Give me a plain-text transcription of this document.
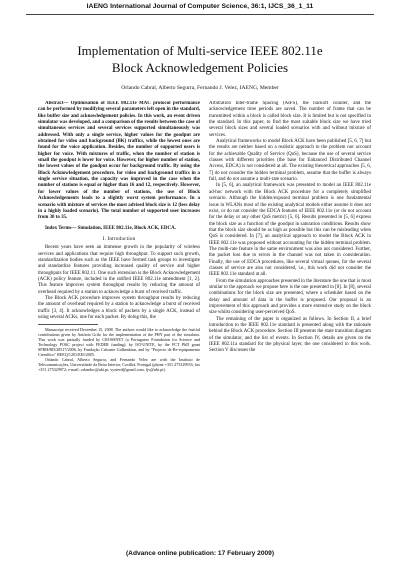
IAENG International Journal of Computer Science, 36:1, IJCS_36_1_11
Implementation of Multi-service IEEE 802.11e
Block Acknowledgement Policies
Orlando Cabral, Alberto Segurra, Fernando J. Velez, IAENG, Member

Abstract— Optimisation of IEEE 802.11e MAC protocol performance can be performed by modifying several parameters left open in the standard, like buffer size and acknowledgement policies. In this work, an event driven simulator was developed, and a comparison of the results between the case of simultaneous services and several services supported simultaneously was addressed. With only a single service, higher values for the goodput are obtained for video and background (BK) traffics, while the lowest ones are found for the voice application. Besides, the number of supported users is higher for voice. With mixtures of traffic, when the number of station is small the goodput is lower for voice. However, for higher number of station, the lowest values of the goodput occur for background traffic. By using the Block Acknowledgement procedure, for video and background traffics in a single service situation, the capacity was improved in the case when the number of stations is equal or higher than 16 and 12, respectively. However, for lower values of the number of stations, the use of Block Acknowledgements leads to a slightly worst system performance. In a scenario with mixture of services the most advised block size is 12 (less delay in a highly loaded scenario). The total number of supported user increases from 30 to 35.

Index Terms— Simulation, IEEE 802.11e, Block ACK, EDCA.

I. Introduction

Recent years have seen an immense growth in the popularity of wireless services and applications that require high throughput. To support such growth, standardization bodies such as the IEEE have formed task groups to investigate and standardize features providing increased quality of service and higher throughputs for IEEE 802.11. One such extension is the Block Acknowledgement (ACK) policy feature, included in the ratified IEEE 802.11e amendment [1, 2]. This feature improves system throughput results by reducing the amount of overhead required by a station to acknowledge a burst of received traffic.

The Block ACK procedure improves system throughput results by reducing the amount of overhead required by a station to acknowledge a burst of received traffic [3, 4]. It acknowledges a block of packets by a single ACK, instead of using several ACKs, one for each packet. By doing this, the

Manuscript received December 15, 2008. The authors would like to acknowledge the fruitful contributions given by António Grilo for the implementation of the PHY part of the simulator. This work was partially funded by CROSSNET (a Portuguese Foundation for Science and Technology POSC project with FEDER funding), by IST-UNITE, by the FCT PhD grant SFRH/BD/28517/2006, by Fundação Calouste Gulbenkian, and by "Projecto de Re-equipamento Científico" REEQ/1201/EEI/2005.

Orlando Cabral, Alberto Segurra, and Fernando Velez are with the Instituto de Telecomunicações, Universidade da Beira Interior, Covilhã, Portugal (phone +351 275329933; fax +351 275329972; e-mail: orlandoc@ubi.pt, vyzierd@gmail.com, fjv@ubi.pt).

Arbitration Inter-frame Spacing (AIFS), the backoff counter, and the acknowledgement time periods are saved. The number of frame that can be transmitted within a block is called block size. It is limited but is not specified in the standard. In this paper, to find the most suitable block size we have tried several block sizes and several loaded scenarios with and without mixture of services.

Analytical frameworks to model Block ACK have been published [5, 6, 7] but the results are neither based on a realistic approach to the problem nor account for the achievable Quality of Service (QoS), because the use of several service classes with different priorities (the base for Enhanced Distributed Channel Access, EDCA) is not considered at all. The existing theoretical approaches [5, 6, 7] do not consider the hidden terminal problem, assume that the buffer is always full, and do not assume a multi-rate scenario.

In [5, 6], an analytical framework was presented to model an IEEE 802.11e ad-hoc network with the Block ACK procedure for a completely simplified scenario. Although the hidden/exposed terminal problem is one fundamental issue in WLANs most of the existing analytical models either assume it does not exist, or do not consider the EDCA features of IEEE 802.11e (or do not account for the delay or any other QoS metric) [5, 6]. Results presented in [5, 6] express the block size as a function of the goodput in saturation conditions. Results show that the block size should be as high as possible but this can be misleading when QoS is considered. In [7], an analytical approach to model the Block ACK in IEEE 802.11e was proposed without accounting for the hidden terminal problem. The multi-rate feature in the same environment was also not considered. Further, the packet loss due to errors in the channel was not taken in consideration. Finally, the use of EDCA procedures, like several virtual queues, for the several classes of service are also not considered, i.e., this work did not consider the IEEE 802.11e standard at all.

From the simulation approaches presented in the literature the one that is most similar to the approach we propose here is the one presented in [8]. In [8], several combinations for the block size are presented, where a scheduler based on the delay and amount of data in the buffer is proposed. Our proposal is an improvement of this approach and provides a more extensive study on the block size whilst considering user-perceived QoS.

The remaining of the paper is organized as follows. In Section II, a brief introduction to the IEEE 802.11e standard is presented along with the rationale behind the Block ACK procedure. Section III presents the state transition diagram of the simulator, and the list of events. In Section IV, details are given on the IEEE 802.11a standard for the physical layer, the one considered in this work. Section V discusses the

(Advance online publication: 17 February 2009)
